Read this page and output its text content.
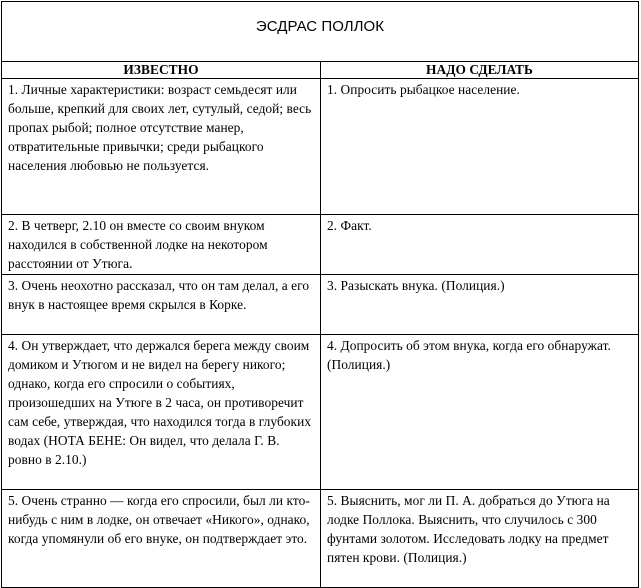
ЭСДРАС ПОЛЛОК	
ИЗВЕСТНО	НАДО СДЕЛАТЬ

1. Личные характеристики: возраст семьдесят или больше, крепкий для своих лет, сутулый, седой; весь пропах рыбой; полное отсутствие манер, отвратительные привычки; среди рыбацкого населения любовью не пользуется.	1. Опросить рыбацкое население.

2. В четверг, 2.10 он вместе со своим внуком находился в собственной лодке на некотором расстоянии от Утюга.	2. Факт.

3. Очень неохотно рассказал, что он там делал, а его внук в настоящее время скрылся в Корке.	3. Разыскать внука. (Полиция.)

4. Он утверждает, что держался берега между своим домиком и Утюгом и не видел на берегу никого; однако, когда его спросили о событиях, произошедших на Утюге в 2 часа, он противоречит сам себе, утверждая, что находился тогда в глубоких водах (НОТА БЕНЕ: Он видел, что делала Г. В. ровно в 2.10.)	4. Допросить об этом внука, когда его обнаружат. (Полиция.)

5. Очень странно — когда его спросили, был ли кто-нибудь с ним в лодке, он отвечает «Никого», однако, когда упомянули об его внуке, он подтверждает это.	5. Выяснить, мог ли П. А. добраться до Утюга на лодке Поллока. Выяснить, что случилось с 300 фунтами золотом. Исследовать лодку на предмет пятен крови. (Полиция.)
